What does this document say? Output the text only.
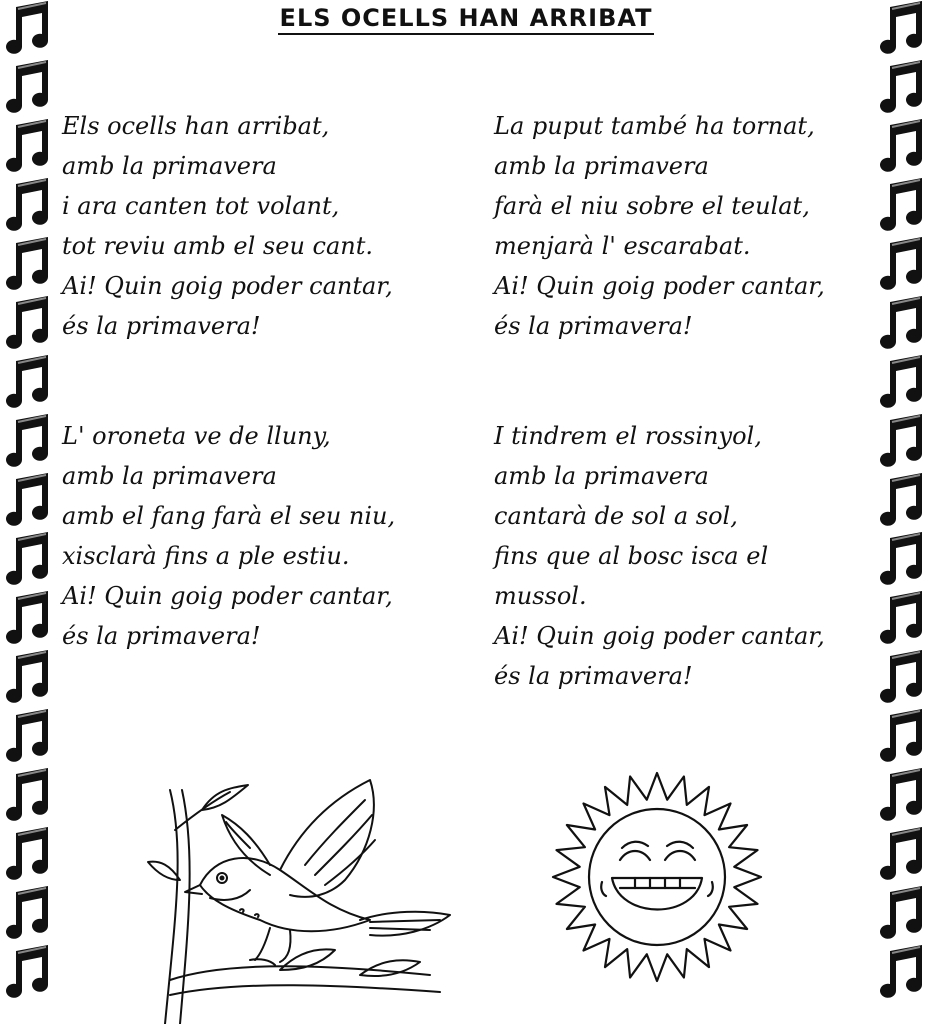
ELS OCELLS HAN ARRIBAT
Els ocells han arribat,
amb la primavera
i ara canten tot volant,
tot reviu amb el seu cant.
Ai! Quin goig poder cantar,
és la primavera!
La puput també ha tornat,
amb la primavera
farà el niu sobre el teulat,
menjarà l' escarabat.
Ai! Quin goig poder cantar,
és la primavera!
L' oroneta ve de lluny,
amb la primavera
amb el fang farà el seu niu,
xisclarà fins a ple estiu.
Ai! Quin goig poder cantar,
és la primavera!
I tindrem el rossinyol,
amb la primavera
cantarà de sol a sol,
fins que al bosc isca el
mussol.
Ai! Quin goig poder cantar,
és la primavera!
